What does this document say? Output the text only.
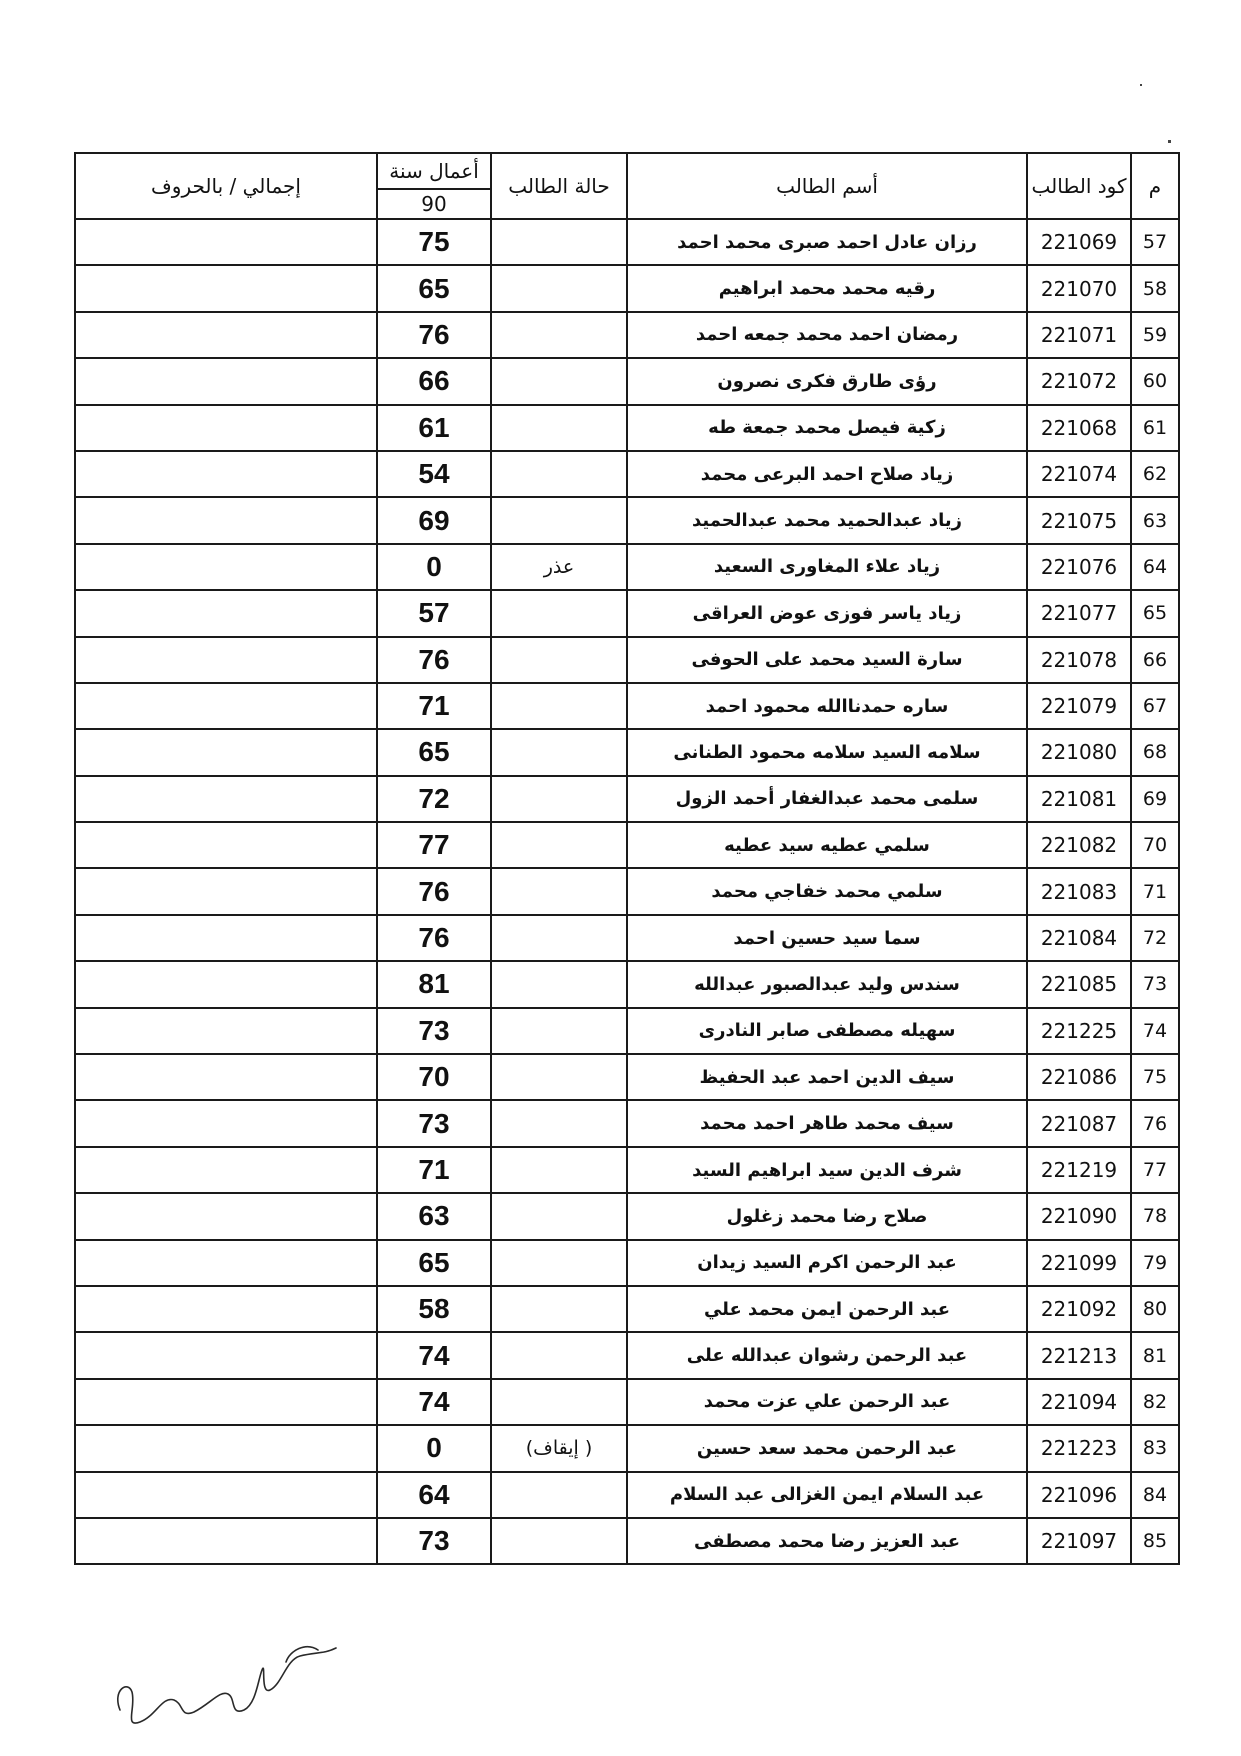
م	كود الطالب	أسم الطالب	حالة الطالب	أعمال سنة	إجمالي / بالحروف
				90	
57	221069	رزان عادل احمد صبرى محمد احمد		75	
58	221070	رقيه محمد محمد ابراهيم		65	
59	221071	رمضان احمد محمد جمعه احمد		76	
60	221072	رؤى طارق فكرى نصرون		66	
61	221068	زكية فيصل محمد جمعة طه		61	
62	221074	زياد صلاح احمد البرعى محمد		54	
63	221075	زياد عبدالحميد محمد عبدالحميد		69	
64	221076	زياد علاء المغاورى السعيد	عذر	0	
65	221077	زياد ياسر فوزى عوض العراقى		57	
66	221078	سارة السيد محمد على الحوفى		76	
67	221079	ساره حمدناالله محمود احمد		71	
68	221080	سلامه السيد سلامه محمود الطنانى		65	
69	221081	سلمى محمد عبدالغفار أحمد الزول		72	
70	221082	سلمي عطيه سيد عطيه		77	
71	221083	سلمي محمد خفاجي محمد		76	
72	221084	سما سيد حسين احمد		76	
73	221085	سندس وليد عبدالصبور عبدالله		81	
74	221225	سهيله مصطفى صابر النادرى		73	
75	221086	سيف الدين احمد عبد الحفيظ		70	
76	221087	سيف محمد طاهر احمد محمد		73	
77	221219	شرف الدين سيد ابراهيم السيد		71	
78	221090	صلاح رضا محمد زغلول		63	
79	221099	عبد الرحمن اكرم السيد زيدان		65	
80	221092	عبد الرحمن ايمن محمد علي		58	
81	221213	عبد الرحمن رشوان عبدالله على		74	
82	221094	عبد الرحمن علي عزت محمد		74	
83	221223	عبد الرحمن محمد سعد حسين	( إيقاف)	0	
84	221096	عبد السلام ايمن الغزالى عبد السلام		64	
85	221097	عبد العزيز رضا محمد مصطفى		73	
